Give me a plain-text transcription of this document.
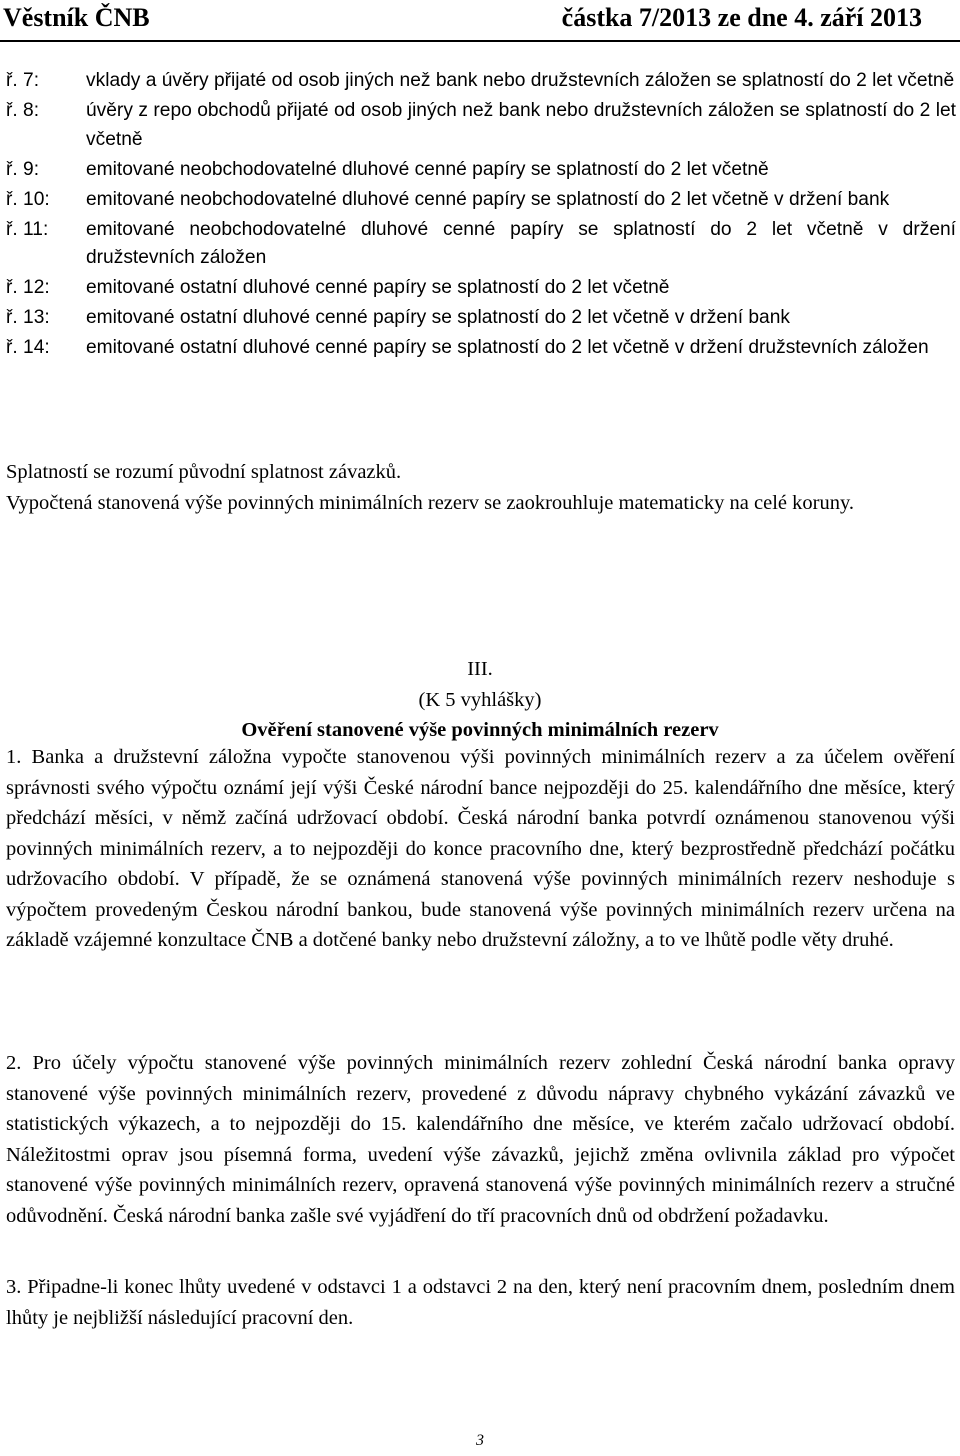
Věstník ČNB	částka 7/2013 ze dne 4. září 2013
ř. 7: vklady a úvěry přijaté od osob jiných než bank nebo družstevních záložen se splatností do 2 let včetně
ř. 8: úvěry z repo obchodů přijaté od osob jiných než bank nebo družstevních záložen se splatností do 2 let včetně
ř. 9: emitované neobchodovatelné dluhové cenné papíry se splatností do 2 let včetně
ř. 10: emitované neobchodovatelné dluhové cenné papíry se splatností do 2 let včetně v držení bank
ř. 11: emitované neobchodovatelné dluhové cenné papíry se splatností do 2 let včetně v držení družstevních záložen
ř. 12: emitované ostatní dluhové cenné papíry se splatností do 2 let včetně
ř. 13: emitované ostatní dluhové cenné papíry se splatností do 2 let včetně v držení bank
ř. 14: emitované ostatní dluhové cenné papíry se splatností do 2 let včetně v držení družstevních záložen

Splatností se rozumí původní splatnost závazků.

Vypočtená stanovená výše povinných minimálních rezerv se zaokrouhluje matematicky na celé koruny.

III.
(K 5 vyhlášky)
Ověření stanovené výše povinných minimálních rezerv

1. Banka a družstevní záložna vypočte stanovenou výši povinných minimálních rezerv a za účelem ověření správnosti svého výpočtu oznámí její výši České národní bance nejpozději do 25. kalendářního dne měsíce, který předchází měsíci, v němž začíná udržovací období. Česká národní banka potvrdí oznámenou stanovenou výši povinných minimálních rezerv, a to nejpozději do konce pracovního dne, který bezprostředně předchází počátku udržovacího období. V případě, že se oznámená stanovená výše povinných minimálních rezerv neshoduje s výpočtem provedeným Českou národní bankou, bude stanovená výše povinných minimálních rezerv určena na základě vzájemné konzultace ČNB a dotčené banky nebo družstevní záložny, a to ve lhůtě podle věty druhé.

2. Pro účely výpočtu stanovené výše povinných minimálních rezerv zohlední Česká národní banka opravy stanovené výše povinných minimálních rezerv, provedené z důvodu nápravy chybného vykázání závazků ve statistických výkazech, a to nejpozději do 15. kalendářního dne měsíce, ve kterém začalo udržovací období. Náležitostmi oprav jsou písemná forma, uvedení výše závazků, jejichž změna ovlivnila základ pro výpočet stanovené výše povinných minimálních rezerv, opravená stanovená výše povinných minimálních rezerv a stručné odůvodnění. Česká národní banka zašle své vyjádření do tří pracovních dnů od obdržení požadavku.

3. Připadne-li konec lhůty uvedené v odstavci 1 a odstavci 2 na den, který není pracovním dnem, posledním dnem lhůty je nejbližší následující pracovní den.

3
